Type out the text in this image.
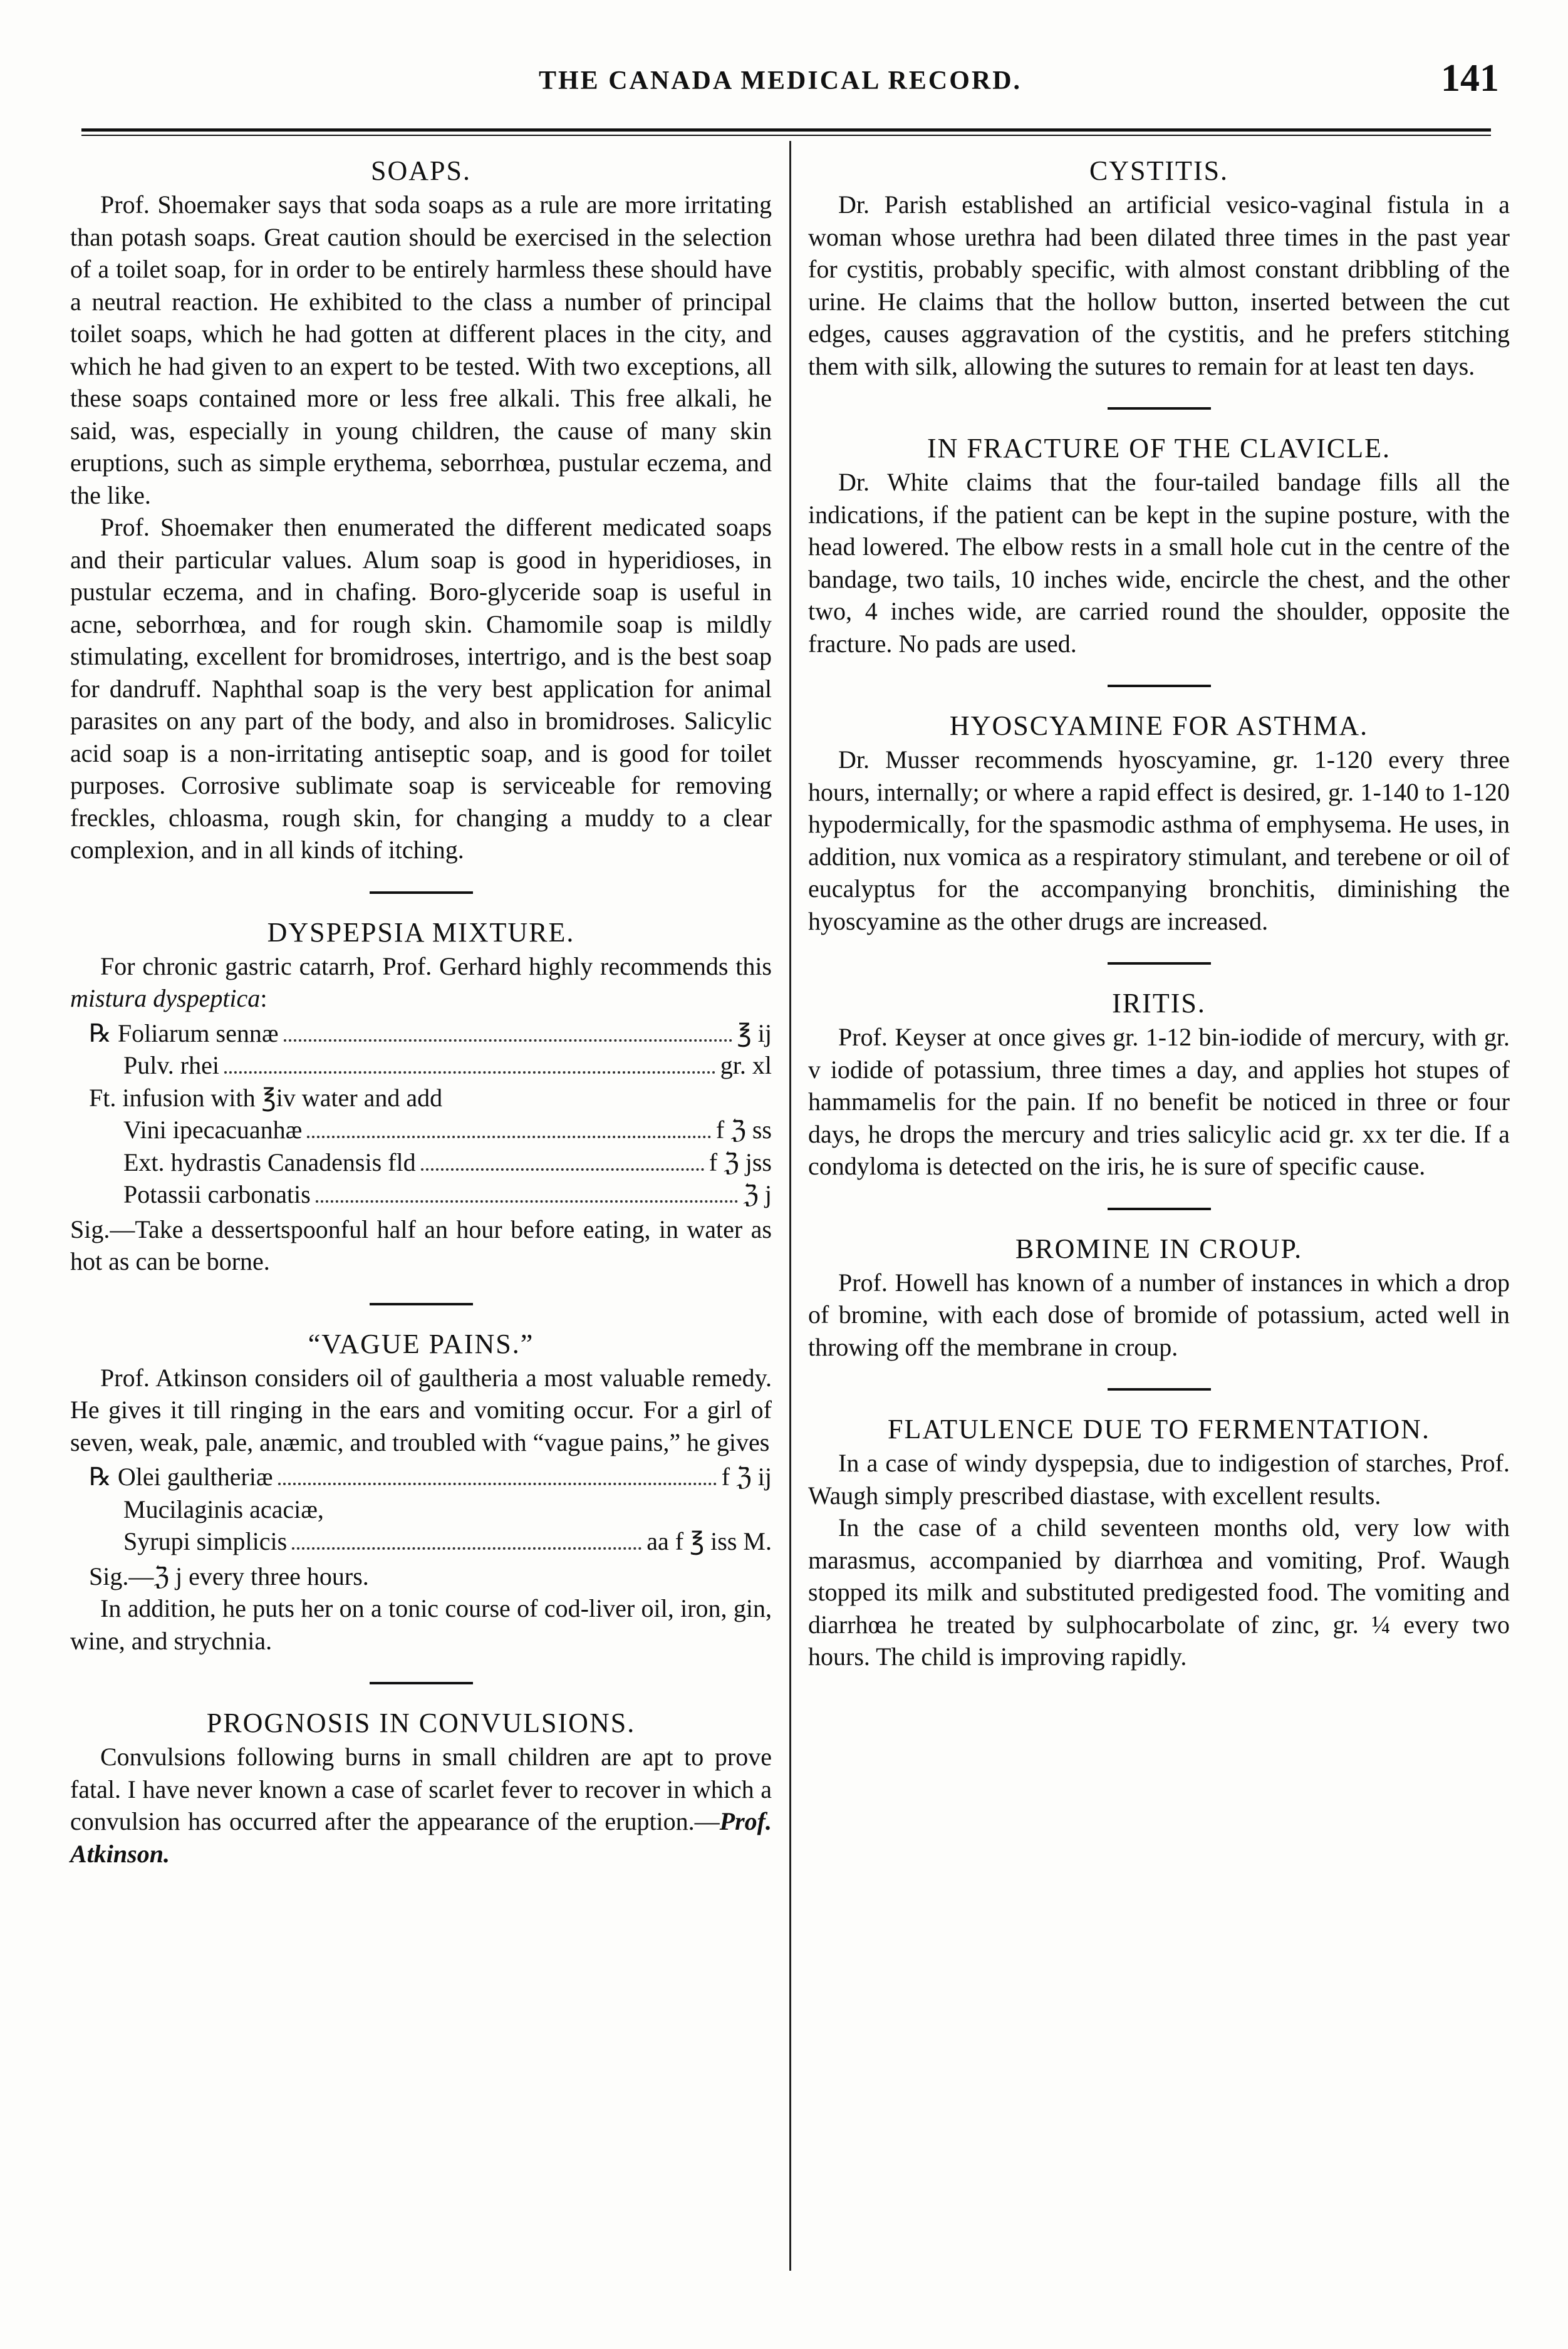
THE CANADA MEDICAL RECORD.	141
SOAPS.

Prof. Shoemaker says that soda soaps as a rule are more irritating than potash soaps. Great caution should be exercised in the selection of a toilet soap, for in order to be entirely harmless these should have a neutral reaction. He exhibited to the class a number of principal toilet soaps, which he had gotten at different places in the city, and which he had given to an expert to be tested. With two exceptions, all these soaps contained more or less free alkali. This free alkali, he said, was, especially in young children, the cause of many skin eruptions, such as simple erythema, seborrhœa, pustular eczema, and the like.

Prof. Shoemaker then enumerated the different medicated soaps and their particular values. Alum soap is good in hyperidioses, in pustular eczema, and in chafing. Boro-glyceride soap is useful in acne, seborrhœa, and for rough skin. Chamomile soap is mildly stimulating, excellent for bromidroses, intertrigo, and is the best soap for dandruff. Naphthal soap is the very best application for animal parasites on any part of the body, and also in bromidroses. Salicylic acid soap is a non-irritating antiseptic soap, and is good for toilet purposes. Corrosive sublimate soap is serviceable for removing freckles, chloasma, rough skin, for changing a muddy to a clear complexion, and in all kinds of itching.

DYSPEPSIA MIXTURE.

For chronic gastric catarrh, Prof. Gerhard highly recommends this mistura dyspeptica:

℞ Foliarum sennæ	℥ ij
Pulv. rhei	gr. xl
Ft. infusion with ℥iv water and add
Vini ipecacuanhæ	f ℨ ss
Ext. hydrastis Canadensis fld	f ℨ jss
Potassii carbonatis	ℨ j

Sig.—Take a dessertspoonful half an hour before eating, in water as hot as can be borne.

“VAGUE PAINS.”

Prof. Atkinson considers oil of gaultheria a most valuable remedy. He gives it till ringing in the ears and vomiting occur. For a girl of seven, weak, pale, anæmic, and troubled with “vague pains,” he gives

℞ Olei gaultheriæ	f ℨ ij
Mucilaginis acaciæ,
Syrupi simplicis	aa f ℥ iss M.

Sig.—ℨ j every three hours.

In addition, he puts her on a tonic course of cod-liver oil, iron, gin, wine, and strychnia.

PROGNOSIS IN CONVULSIONS.

Convulsions following burns in small children are apt to prove fatal. I have never known a case of scarlet fever to recover in which a convulsion has occurred after the appearance of the eruption.—Prof. Atkinson.

CYSTITIS.

Dr. Parish established an artificial vesico-vaginal fistula in a woman whose urethra had been dilated three times in the past year for cystitis, probably specific, with almost constant dribbling of the urine. He claims that the hollow button, inserted between the cut edges, causes aggravation of the cystitis, and he prefers stitching them with silk, allowing the sutures to remain for at least ten days.

IN FRACTURE OF THE CLAVICLE.

Dr. White claims that the four-tailed bandage fills all the indications, if the patient can be kept in the supine posture, with the head lowered. The elbow rests in a small hole cut in the centre of the bandage, two tails, 10 inches wide, encircle the chest, and the other two, 4 inches wide, are carried round the shoulder, opposite the fracture. No pads are used.

HYOSCYAMINE FOR ASTHMA.

Dr. Musser recommends hyoscyamine, gr. 1-120 every three hours, internally; or where a rapid effect is desired, gr. 1-140 to 1-120 hypodermically, for the spasmodic asthma of emphysema. He uses, in addition, nux vomica as a respiratory stimulant, and terebene or oil of eucalyptus for the accompanying bronchitis, diminishing the hyoscyamine as the other drugs are increased.

IRITIS.

Prof. Keyser at once gives gr. 1-12 bin-iodide of mercury, with gr. v iodide of potassium, three times a day, and applies hot stupes of hammamelis for the pain. If no benefit be noticed in three or four days, he drops the mercury and tries salicylic acid gr. xx ter die. If a condyloma is detected on the iris, he is sure of specific cause.

BROMINE IN CROUP.

Prof. Howell has known of a number of instances in which a drop of bromine, with each dose of bromide of potassium, acted well in throwing off the membrane in croup.

FLATULENCE DUE TO FERMENTATION.

In a case of windy dyspepsia, due to indigestion of starches, Prof. Waugh simply prescribed diastase, with excellent results.

In the case of a child seventeen months old, very low with marasmus, accompanied by diarrhœa and vomiting, Prof. Waugh stopped its milk and substituted predigested food. The vomiting and diarrhœa he treated by sulphocarbolate of zinc, gr. ¼ every two hours. The child is improving rapidly.
